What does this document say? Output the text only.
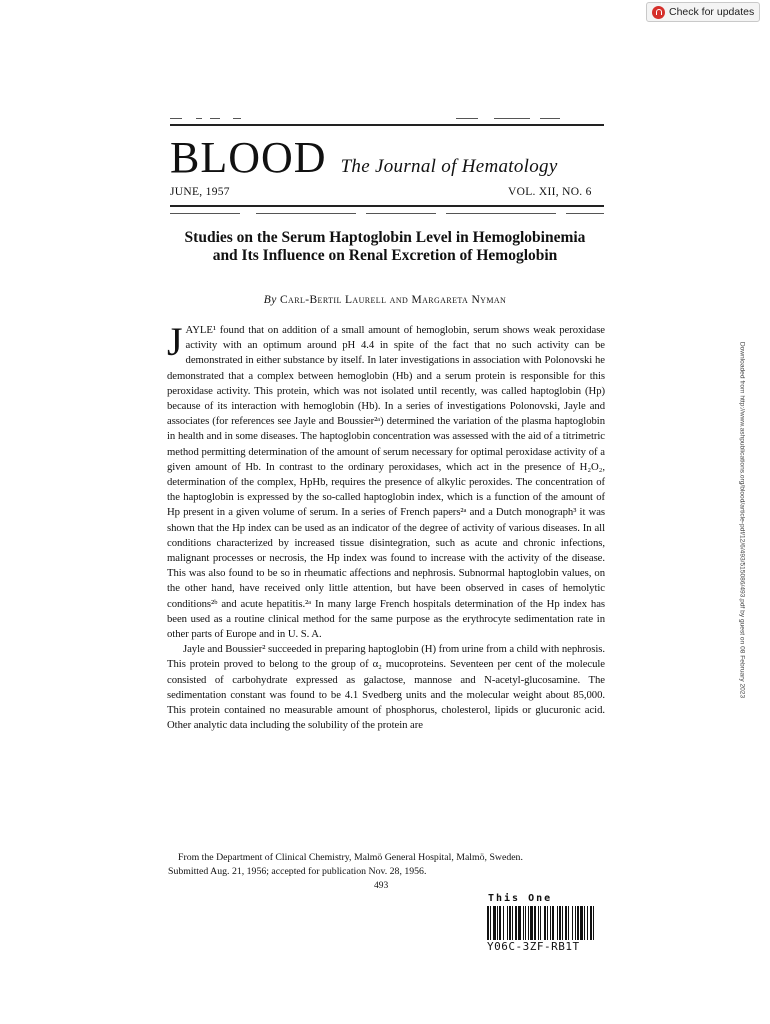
Check for updates
Downloaded from http://www.ashpublications.org/blood/article-pdf/12/6/493/515086/493.pdf by guest on 08 February 2023
BLOOD The Journal of Hematology
JUNE, 1957	VOL. XII, NO. 6
Studies on the Serum Haptoglobin Level in Hemoglobinemia and Its Influence on Renal Excretion of Hemoglobin
By Carl-Bertil Laurell and Margareta Nyman

JAYLE¹ found that on addition of a small amount of hemoglobin, serum shows weak peroxidase activity with an optimum around pH 4.4 in spite of the fact that no such activity can be demonstrated in either substance by itself. In later investigations in association with Polonovski he demonstrated that a complex between hemoglobin (Hb) and a serum protein is responsible for this peroxidase activity. This protein, which was not isolated until recently, was called haptoglobin (Hp) because of its interaction with hemoglobin (Hb). In a series of investigations Polonovski, Jayle and associates (for references see Jayle and Boussier²ᵃ) determined the variation of the plasma haptoglobin in health and in some diseases. The haptoglobin concentration was assessed with the aid of a titrimetric method permitting determination of the amount of serum necessary for optimal peroxidase activity of a given amount of Hb. In contrast to the ordinary peroxidases, which act in the presence of H₂O₂, determination of the complex, HpHb, requires the presence of alkylic peroxides. The concentration of the haptoglobin is expressed by the so-called haptoglobin index, which is a function of the amount of Hp present in a given volume of serum. In a series of French papers²ᵃ and a Dutch monograph³ it was shown that the Hp index can be used as an indicator of the degree of activity of various diseases. In all conditions characterized by increased tissue disintegration, such as acute and chronic infections, malignant processes or necrosis, the Hp index was found to increase with the activity of the disease. This was also found to be so in rheumatic affections and nephrosis. Subnormal haptoglobin values, on the other hand, have received only little attention, but have been observed in cases of hemolytic conditions²ᵇ and acute hepatitis.²ᵃ In many large French hospitals determination of the Hp index has been used as a routine clinical method for the same purpose as the erythrocyte sedimentation rate in other parts of Europe and in U. S. A.

Jayle and Boussier² succeeded in preparing haptoglobin (H) from urine from a child with nephrosis. This protein proved to belong to the group of α₂ mucoproteins. Seventeen per cent of the molecule consisted of carbohydrate expressed as galactose, mannose and N-acetyl-glucosamine. The sedimentation constant was found to be 4.1 Svedberg units and the molecular weight about 85,000. This protein contained no measurable amount of phosphorus, cholesterol, lipids or glucuronic acid. Other analytic data including the solubility of the protein are

From the Department of Clinical Chemistry, Malmö General Hospital, Malmö, Sweden.

Submitted Aug. 21, 1956; accepted for publication Nov. 28, 1956.

493
This One
Y06C-3ZF-RB1T
